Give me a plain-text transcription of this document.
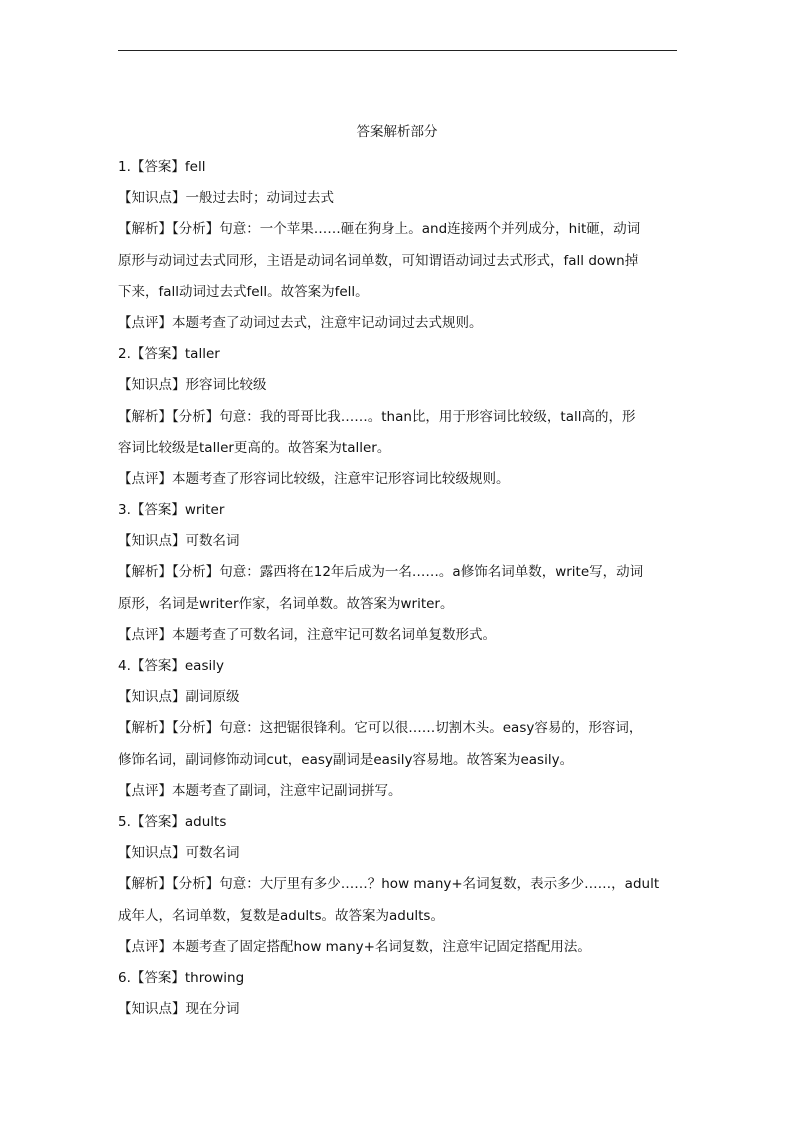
答案解析部分
1.【答案】fell
【知识点】一般过去时；动词过去式
【解析】【分析】句意：一个苹果……砸在狗身上。and连接两个并列成分，hit砸，动词
原形与动词过去式同形，主语是动词名词单数，可知谓语动词过去式形式，fall down掉
下来，fall动词过去式fell。故答案为fell。
【点评】本题考查了动词过去式，注意牢记动词过去式规则。
2.【答案】taller
【知识点】形容词比较级
【解析】【分析】句意：我的哥哥比我……。than比，用于形容词比较级，tall高的，形
容词比较级是taller更高的。故答案为taller。
【点评】本题考查了形容词比较级，注意牢记形容词比较级规则。
3.【答案】writer
【知识点】可数名词
【解析】【分析】句意：露西将在12年后成为一名……。a修饰名词单数，write写，动词
原形，名词是writer作家，名词单数。故答案为writer。
【点评】本题考查了可数名词，注意牢记可数名词单复数形式。
4.【答案】easily
【知识点】副词原级
【解析】【分析】句意：这把锯很锋利。它可以很……切割木头。easy容易的，形容词，
修饰名词，副词修饰动词cut，easy副词是easily容易地。故答案为easily。
【点评】本题考查了副词，注意牢记副词拼写。
5.【答案】adults
【知识点】可数名词
【解析】【分析】句意：大厅里有多少……？how many+名词复数，表示多少……，adult
成年人，名词单数，复数是adults。故答案为adults。
【点评】本题考查了固定搭配how many+名词复数，注意牢记固定搭配用法。
6.【答案】throwing
【知识点】现在分词
